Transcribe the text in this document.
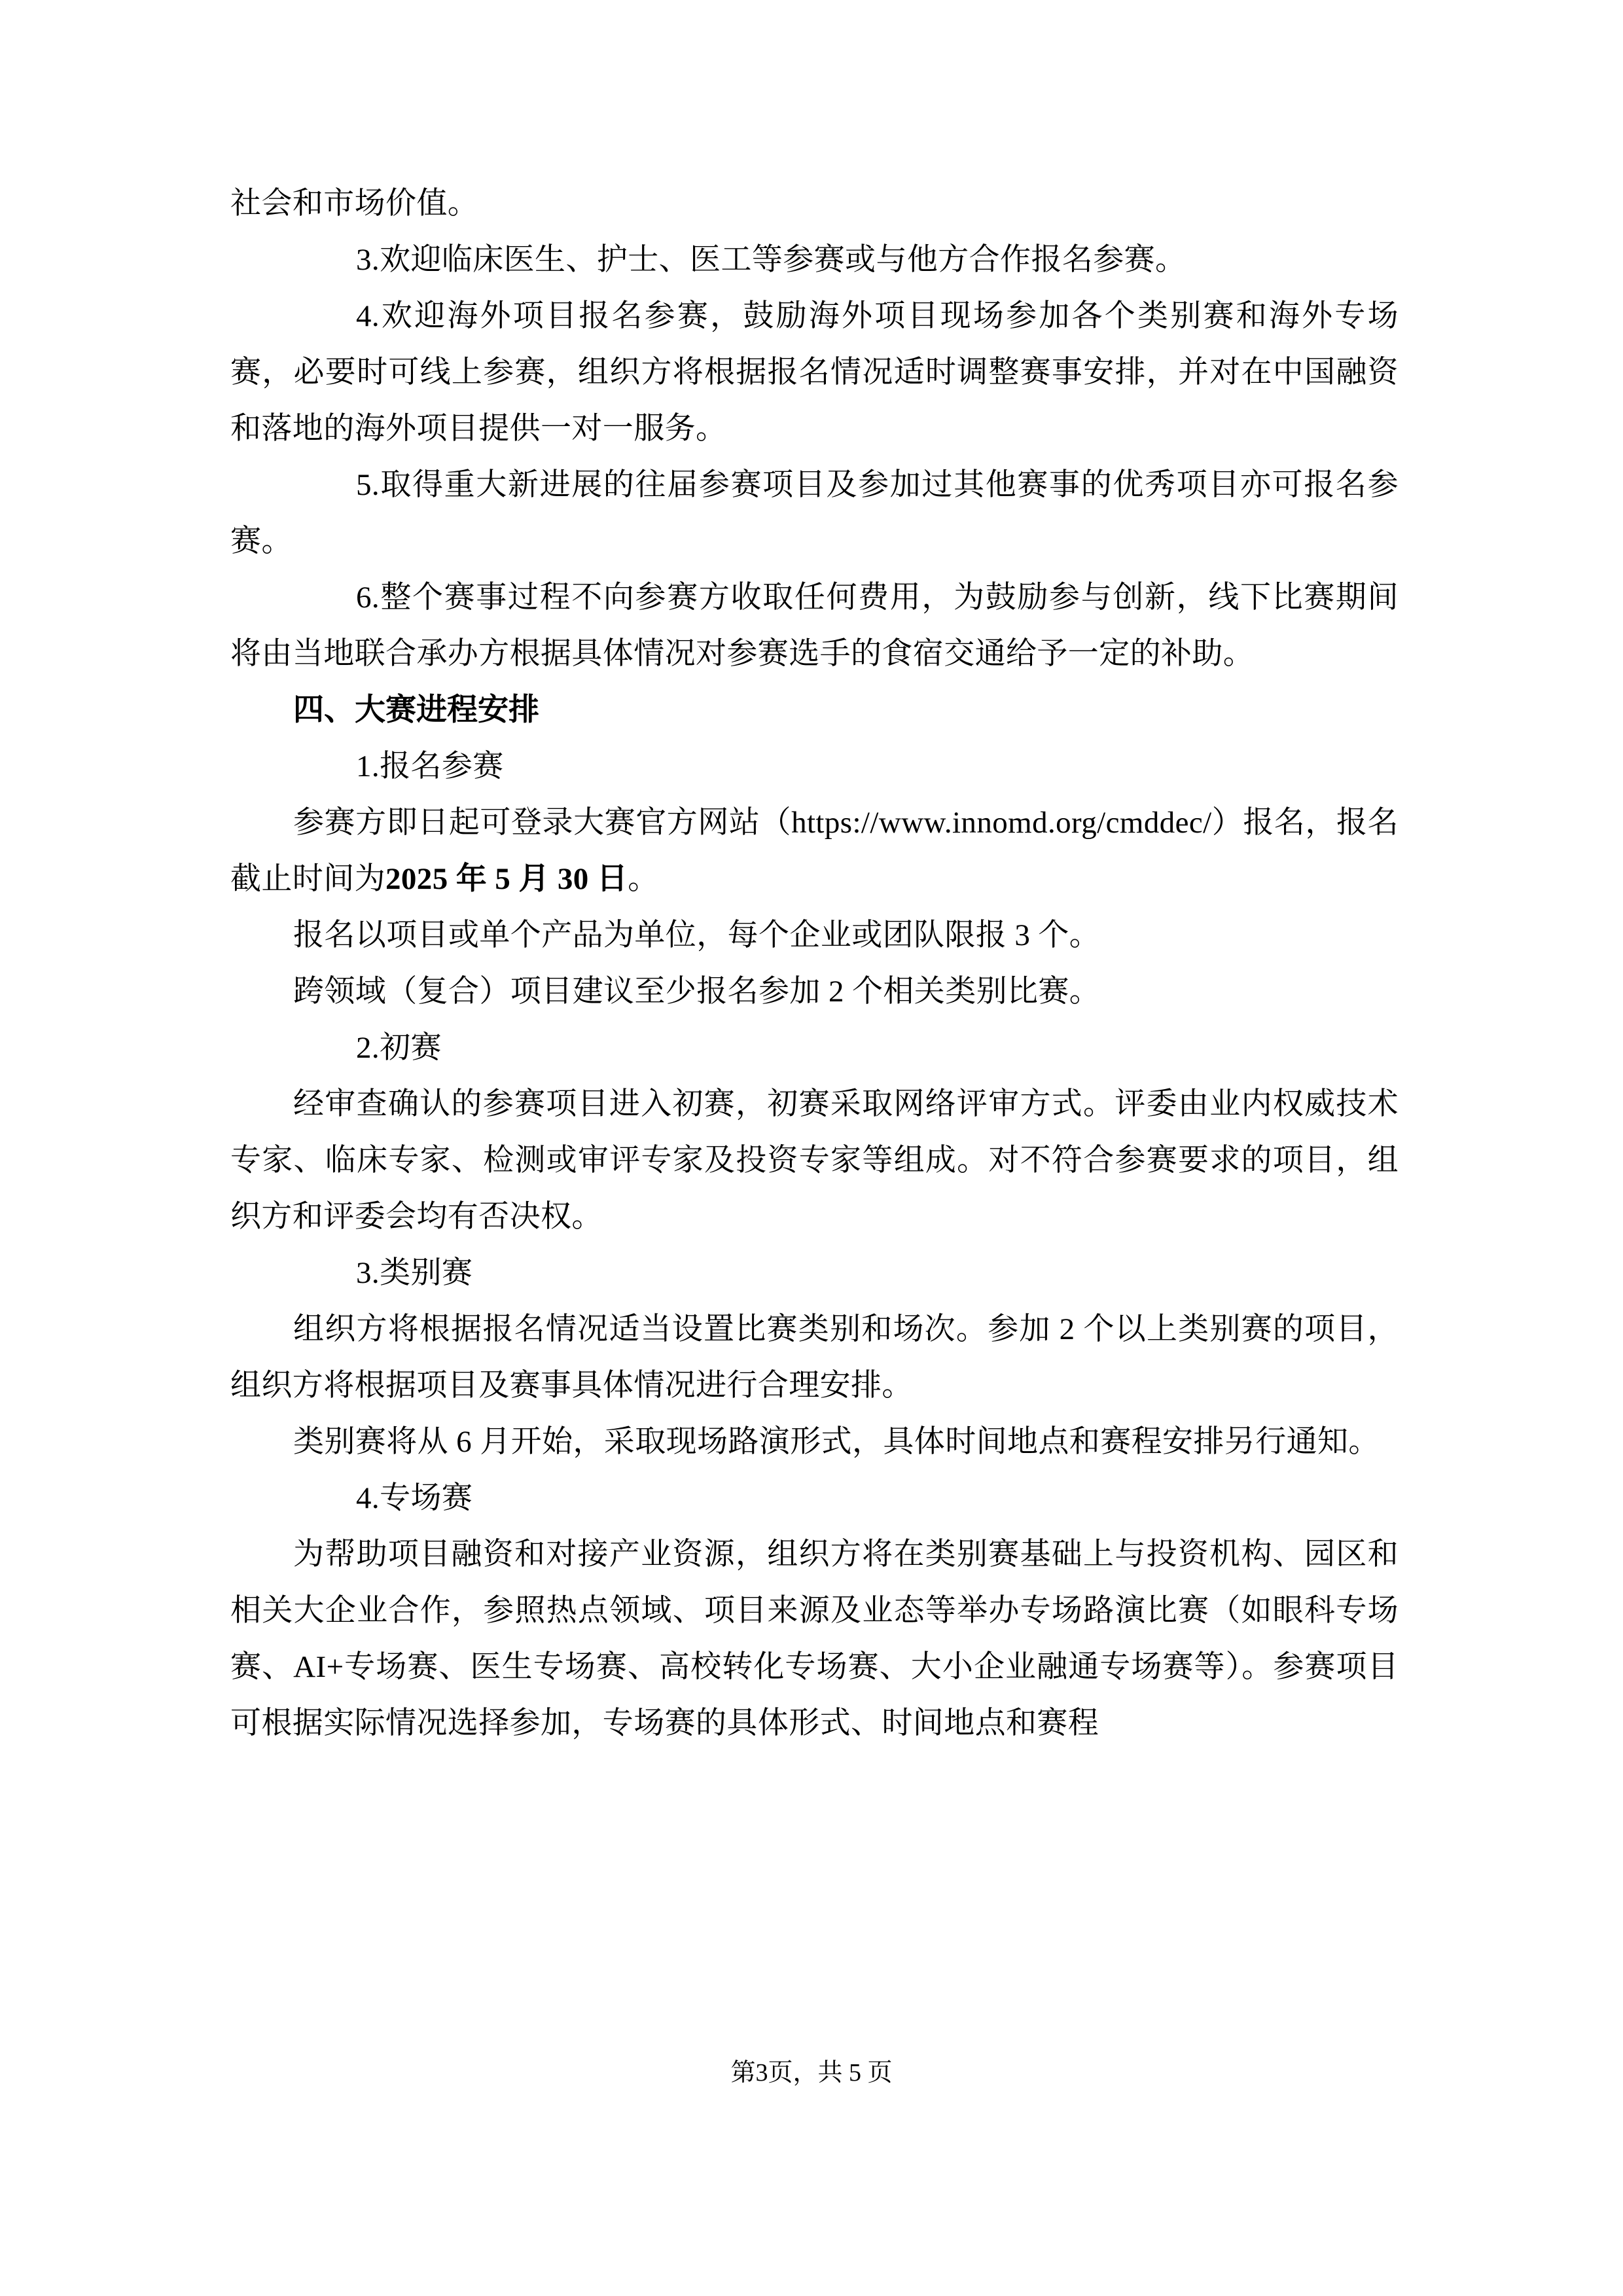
社会和市场价值。

3.欢迎临床医生、护士、医工等参赛或与他方合作报名参赛。

4.欢迎海外项目报名参赛，鼓励海外项目现场参加各个类别赛和海外专场赛，必要时可线上参赛，组织方将根据报名情况适时调整赛事安排，并对在中国融资和落地的海外项目提供一对一服务。

5.取得重大新进展的往届参赛项目及参加过其他赛事的优秀项目亦可报名参赛。

6.整个赛事过程不向参赛方收取任何费用，为鼓励参与创新，线下比赛期间将由当地联合承办方根据具体情况对参赛选手的食宿交通给予一定的补助。

四、大赛进程安排

1.报名参赛

参赛方即日起可登录大赛官方网站（https://www.innomd.org/cmddec/）报名，报名截止时间为2025 年 5 月 30 日。

报名以项目或单个产品为单位，每个企业或团队限报 3 个。

跨领域（复合）项目建议至少报名参加 2 个相关类别比赛。

2.初赛

经审查确认的参赛项目进入初赛，初赛采取网络评审方式。评委由业内权威技术专家、临床专家、检测或审评专家及投资专家等组成。对不符合参赛要求的项目，组织方和评委会均有否决权。

3.类别赛

组织方将根据报名情况适当设置比赛类别和场次。参加 2 个以上类别赛的项目，组织方将根据项目及赛事具体情况进行合理安排。

类别赛将从 6 月开始，采取现场路演形式，具体时间地点和赛程安排另行通知。

4.专场赛

为帮助项目融资和对接产业资源，组织方将在类别赛基础上与投资机构、园区和相关大企业合作，参照热点领域、项目来源及业态等举办专场路演比赛（如眼科专场赛、AI+专场赛、医生专场赛、高校转化专场赛、大小企业融通专场赛等）。参赛项目可根据实际情况选择参加，专场赛的具体形式、时间地点和赛程

第3页，共 5 页
